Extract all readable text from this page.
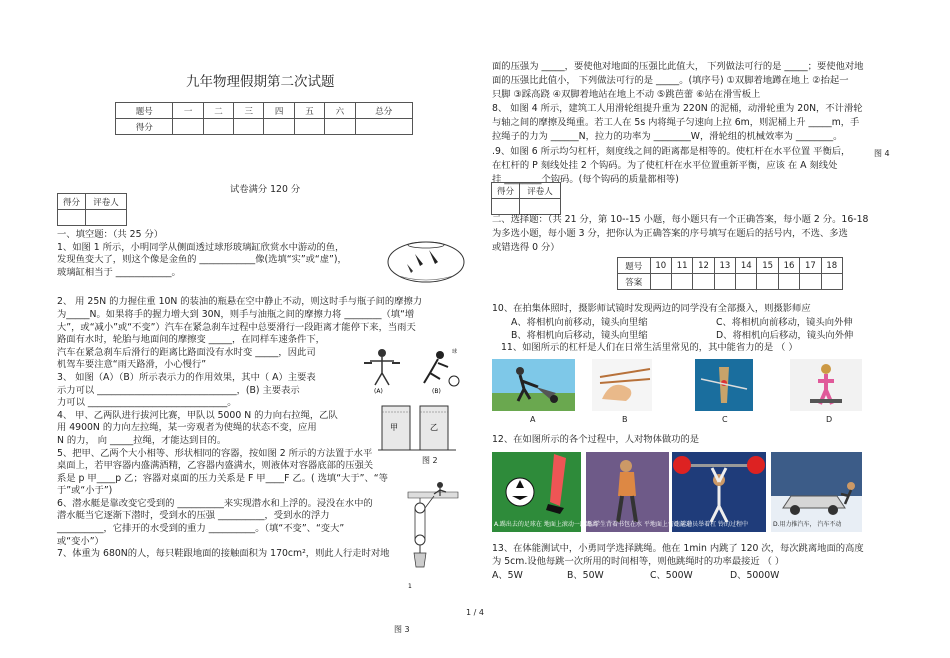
九年物理假期第二次试题
题号	一	二	三	四	五	六	总分
得分							
试卷满分 120 分
得分	评卷人

一、填空题：（共 25 分）
1、如图 1 所示，小明同学从侧面透过球形玻璃缸欣赏水中游动的鱼，
发现鱼变大了，则这个像是金鱼的 ____________像(选填“实”或“虚”)，
玻璃缸相当于 ____________。
2、 用 25N 的力握住重 10N 的装油的瓶悬在空中静止不动，则这时手与瓶子间的摩擦力
为_____N。如果将手的握力增大到 30N，则手与油瓶之间的摩擦力将 ________（填“增
大”，或“减小”或“不变”）汽车在紧急刹车过程中总要滑行一段距离才能停下来，当雨天
路面有水时，轮胎与地面间的摩擦变 _____，在同样车速条件下，
汽车在紧急刹车后滑行的距离比路面没有水时变 _____，因此司
机驾车要注意“雨天路滑，小心慢行”
3、 如图（A）（B）所示表示力的作用效果，其中（ A）主要表
示力可以 ______________________________，(B) 主要表示
力可以 ______________________________。
4、 甲、乙两队进行拔河比赛，甲队以 5000 N 的力向右拉绳，乙队
用 4900N 的力向左拉绳，某一旁观者为使绳的状态不变，应用
N 的力， 向 _____拉绳，才能达到目的。
5、把甲、乙两个大小相等、形状相同的容器，按如图 2 所示的方法置于水平
桌面上，若甲容器内盛满酒精，乙容器内盛满水，则液体对容器底部的压强关
系是 p 甲____p 乙；容器对桌面的压力关系是 F 甲____F 乙。( 选填“大于”、“等
于”或“小于”)
6、潜水艇是靠改变它受到的 __________来实现潜水和上浮的。浸没在水中的
潜水艇当它逐渐下潜时，受到水的压强 __________，受到水的浮力
__________，它排开的水受到的重力 __________。（填“不变”、“变大”
或“变小”）
7、体重为 680N的人，每只鞋跟地面的接触面积为 170cm²，则此人行走时对地
球
(A)	(B)
甲	乙
图 2
1
图 3
1 / 4
面的压强为 _____，要使他对地面的压强比此值大， 下列做法可行的是 _____；要使他对地
面的压强比此值小， 下列做法可行的是 _____。(填序号) ①双脚着地蹲在地上 ②抬起一
只脚 ③踩高跷 ④双脚着地站在地上不动 ⑤跳芭蕾 ⑥站在滑雪板上
8、 如图 4 所示，建筑工人用滑轮组提升重为 220N 的泥桶，动滑轮重为 20N，不计滑轮
与轴之间的摩擦及绳重。若工人在 5s 内将绳子匀速向上拉 6m，则泥桶上升 _____m，手
拉绳子的力为 ______N，拉力的功率为 ________W，滑轮组的机械效率为 ________。
.9、如图 6 所示均匀杠杆，刻度线之间的距离都是相等的。使杠杆在水平位置 平衡后，
在杠杆的 P 刻线处挂 2 个钩码。为了使杠杆在水平位置重新平衡，应该 在 A 刻线处
挂 ________个钩码。(每个钩码的质量都相等)
图 4
得分	评卷人

二、选择题：（共 21 分，第 10--15 小题，每小题只有一个正确答案，每小题 2 分。16-18
为多选小题，每小题 3 分，把你认为正确答案的序号填写在题后的括号内，不选、多选
或错选得 0 分）
题号	10	11	12	13	14	15	16	17	18
答案									
10、在拍集体照时，摄影师试镜时发现两边的同学没有全部摄入，则摄影师应
A、将相机向前移动，镜头向里缩	C、将相机向前移动，镜头向外伸
B、将相机向后移动，镜头向里缩	D、将相机向后移动，镜头向外伸
11、如图所示的杠杆是人们在日常生活里常见的，其中能省力的是 （ ）
A	B	C	D
12、在如图所示的各个过程中，人对物体做功的是
A.踢出去的足球在 地面上滚动一段距离
B.学生背着书包在水 平地面上匀速前进
C.运动员举着杠 铃的过程中	D.用力推汽车， 汽车不动
13、在体能测试中，小勇同学选择跳绳。他在 1min 内跳了 120 次，每次跳离地面的高度
为 5cm.设他每跳一次所用的时间相等，则他跳绳时的功率最接近 （ ）
A、5W	B、50W	C、500W	D、5000W
